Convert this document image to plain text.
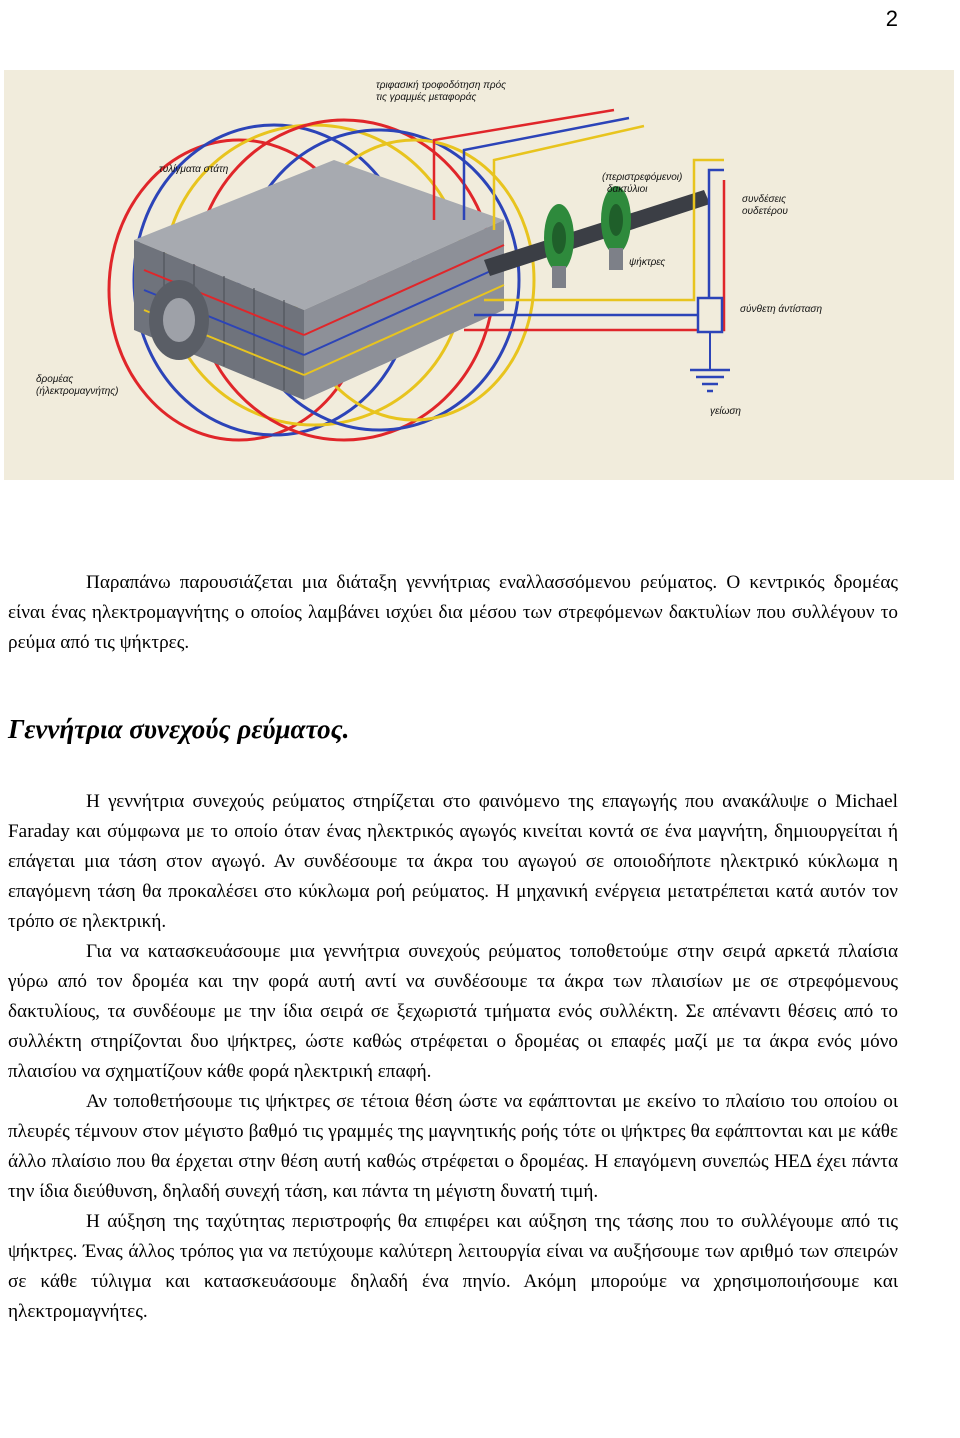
2
τριφασική τροφοδότηση πρός
τις γραμμές μεταφοράς
τυλίγματα στάτη
(περιστρεφόμενοι)
δακτύλιοι
συνδέσεις
ουδετέρου
ψήκτρες
σύνθετη άντίσταση
δρομέας
(ήλεκτρομαγνήτης)
γείωση

Παραπάνω παρουσιάζεται μια διάταξη γεννήτριας εναλλασσόμενου ρεύματος. Ο κεντρικός δρομέας είναι ένας ηλεκτρομαγνήτης ο οποίος λαμβάνει ισχύει δια μέσου των στρεφόμενων δακτυλίων που συλλέγουν το ρεύμα από τις ψήκτρες.

Γεννήτρια συνεχούς ρεύματος.

Η γεννήτρια συνεχούς ρεύματος στηρίζεται στο φαινόμενο της επαγωγής που ανακάλυψε ο Michael Faraday και σύμφωνα με το οποίο όταν ένας ηλεκτρικός αγωγός κινείται κοντά σε ένα μαγνήτη, δημιουργείται ή επάγεται μια τάση στον αγωγό. Αν συνδέσουμε τα άκρα του αγωγού σε οποιοδήποτε ηλεκτρικό κύκλωμα η επαγόμενη τάση θα προκαλέσει στο κύκλωμα ροή ρεύματος. Η μηχανική ενέργεια μετατρέπεται κατά αυτόν τον τρόπο σε ηλεκτρική.

Για να κατασκευάσουμε μια γεννήτρια συνεχούς ρεύματος τοποθετούμε στην σειρά αρκετά πλαίσια γύρω από τον δρομέα και την φορά αυτή αντί να συνδέσουμε τα άκρα των πλαισίων με σε στρεφόμενους δακτυλίους, τα συνδέουμε με την ίδια σειρά σε ξεχωριστά τμήματα ενός συλλέκτη. Σε απέναντι θέσεις από το συλλέκτη στηρίζονται δυο ψήκτρες, ώστε καθώς στρέφεται ο δρομέας οι επαφές μαζί με τα άκρα ενός μόνο πλαισίου να σχηματίζουν κάθε φορά ηλεκτρική επαφή.

Αν τοποθετήσουμε τις ψήκτρες σε τέτοια θέση ώστε να εφάπτονται με εκείνο το πλαίσιο του οποίου οι πλευρές τέμνουν στον μέγιστο βαθμό τις γραμμές της μαγνητικής ροής τότε οι ψήκτρες θα εφάπτονται και με κάθε άλλο πλαίσιο που θα έρχεται στην θέση αυτή καθώς στρέφεται ο δρομέας. Η επαγόμενη συνεπώς ΗΕΔ έχει πάντα την ίδια διεύθυνση, δηλαδή συνεχή τάση, και πάντα τη μέγιστη δυνατή τιμή.

Η αύξηση της ταχύτητας περιστροφής θα επιφέρει και αύξηση της τάσης που το συλλέγουμε από τις ψήκτρες. Ένας άλλος τρόπος για να πετύχουμε καλύτερη λειτουργία είναι να αυξήσουμε των αριθμό των σπειρών σε κάθε τύλιγμα και κατασκευάσουμε δηλαδή ένα πηνίο. Ακόμη μπορούμε να χρησιμοποιήσουμε και ηλεκτρομαγνήτες.
